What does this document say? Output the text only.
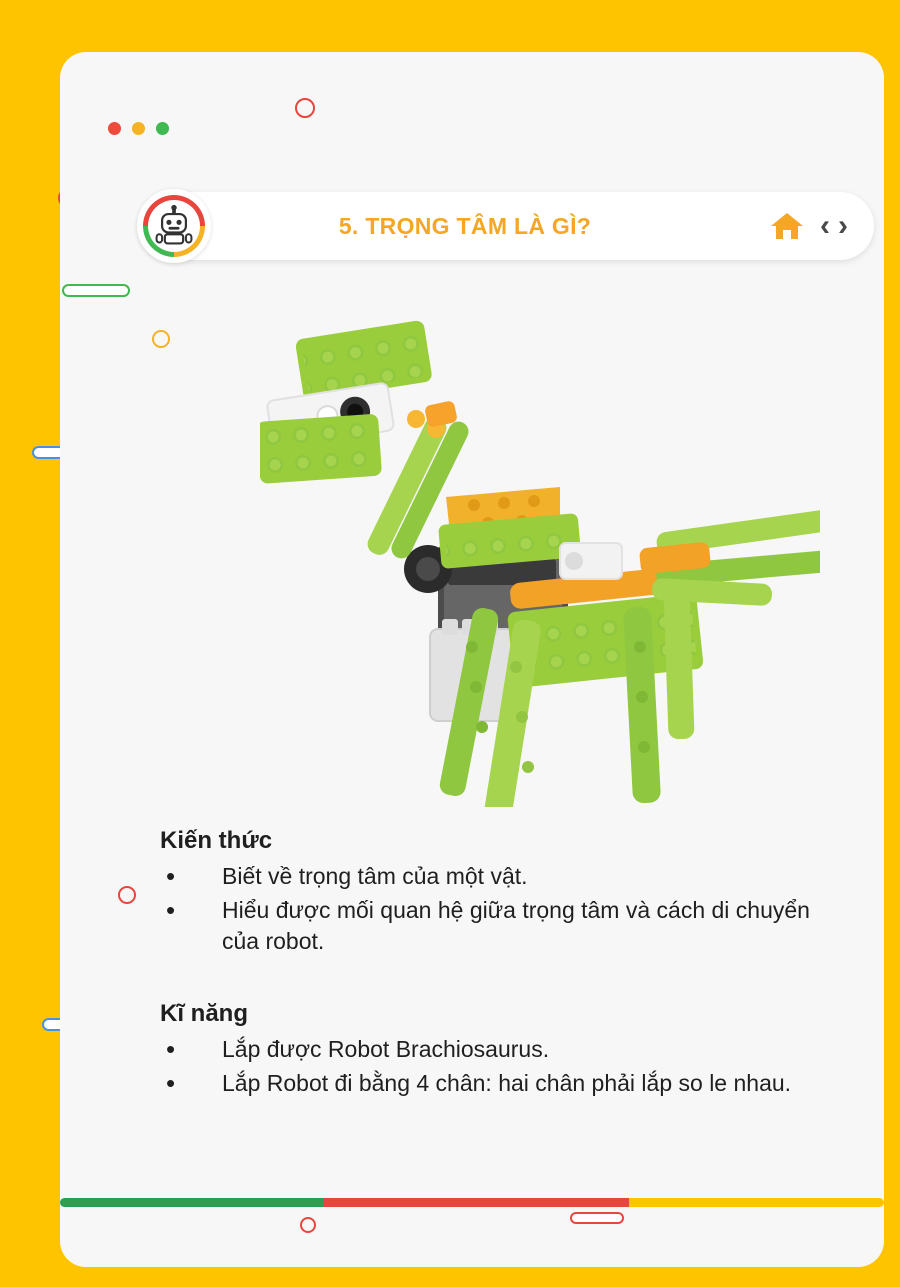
5. TRỌNG TÂM LÀ GÌ?	‹ ›
Kiến thức
• Biết về trọng tâm của một vật.
• Hiểu được mối quan hệ giữa trọng tâm và cách di chuyển của robot.
Kĩ năng
• Lắp được Robot Brachiosaurus.
• Lắp Robot đi bằng 4 chân: hai chân phải lắp so le nhau.
